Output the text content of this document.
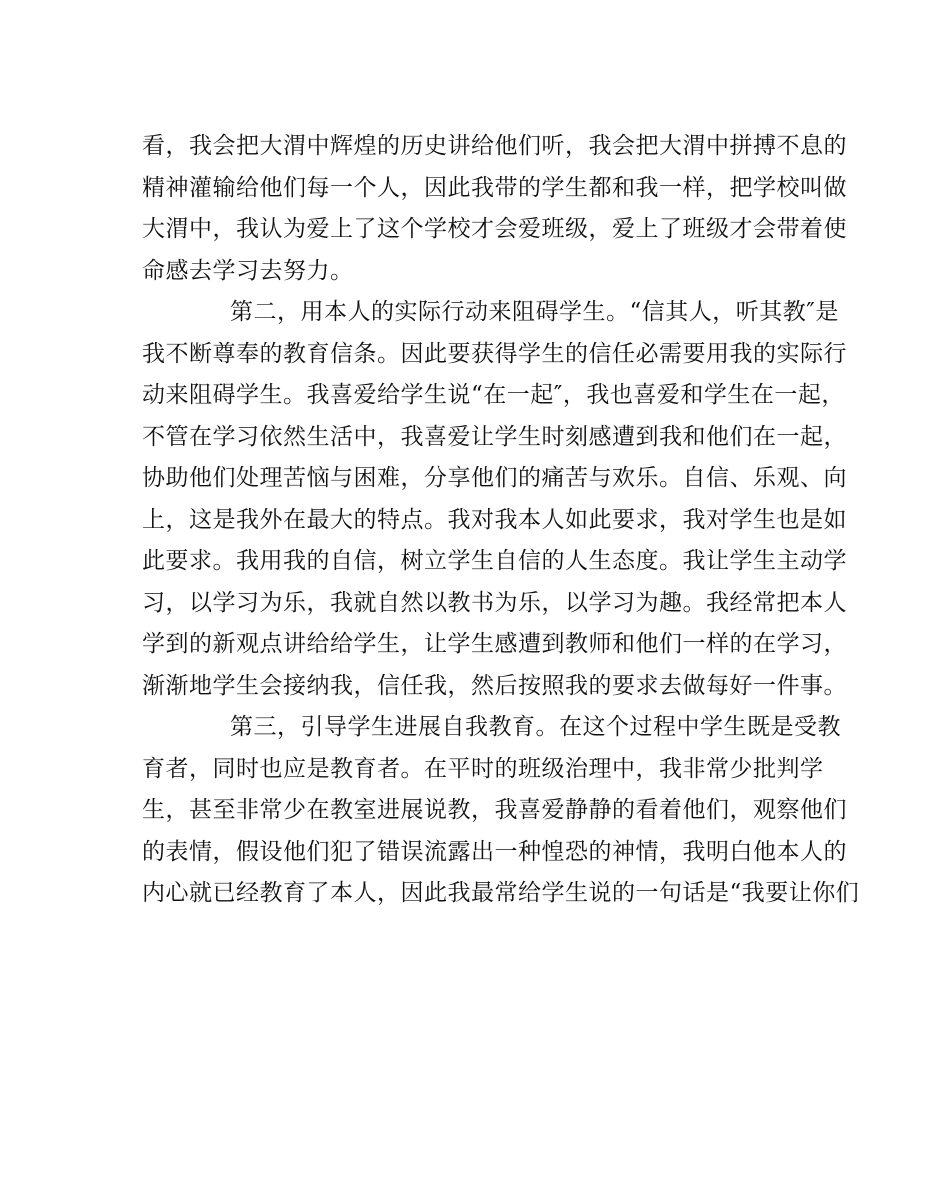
看，我会把大渭中辉煌的历史讲给他们听，我会把大渭中拼搏不息的
精神灌输给他们每一个人，因此我带的学生都和我一样，把学校叫做
大渭中，我认为爱上了这个学校才会爱班级，爱上了班级才会带着使
命感去学习去努力。
第二，用本人的实际行动来阻碍学生。“信其人，听其教″是
我不断尊奉的教育信条。因此要获得学生的信任必需要用我的实际行
动来阻碍学生。我喜爱给学生说“在一起″，我也喜爱和学生在一起，
不管在学习依然生活中，我喜爱让学生时刻感遭到我和他们在一起，
协助他们处理苦恼与困难，分享他们的痛苦与欢乐。自信、乐观、向
上，这是我外在最大的特点。我对我本人如此要求，我对学生也是如
此要求。我用我的自信，树立学生自信的人生态度。我让学生主动学
习，以学习为乐，我就自然以教书为乐，以学习为趣。我经常把本人
学到的新观点讲给给学生，让学生感遭到教师和他们一样的在学习，
渐渐地学生会接纳我，信任我，然后按照我的要求去做每好一件事。
第三，引导学生进展自我教育。在这个过程中学生既是受教
育者，同时也应是教育者。在平时的班级治理中，我非常少批判学
生，甚至非常少在教室进展说教，我喜爱静静的看着他们，观察他们
的表情，假设他们犯了错误流露出一种惶恐的神情，我明白他本人的
内心就已经教育了本人，因此我最常给学生说的一句话是“我要让你们
